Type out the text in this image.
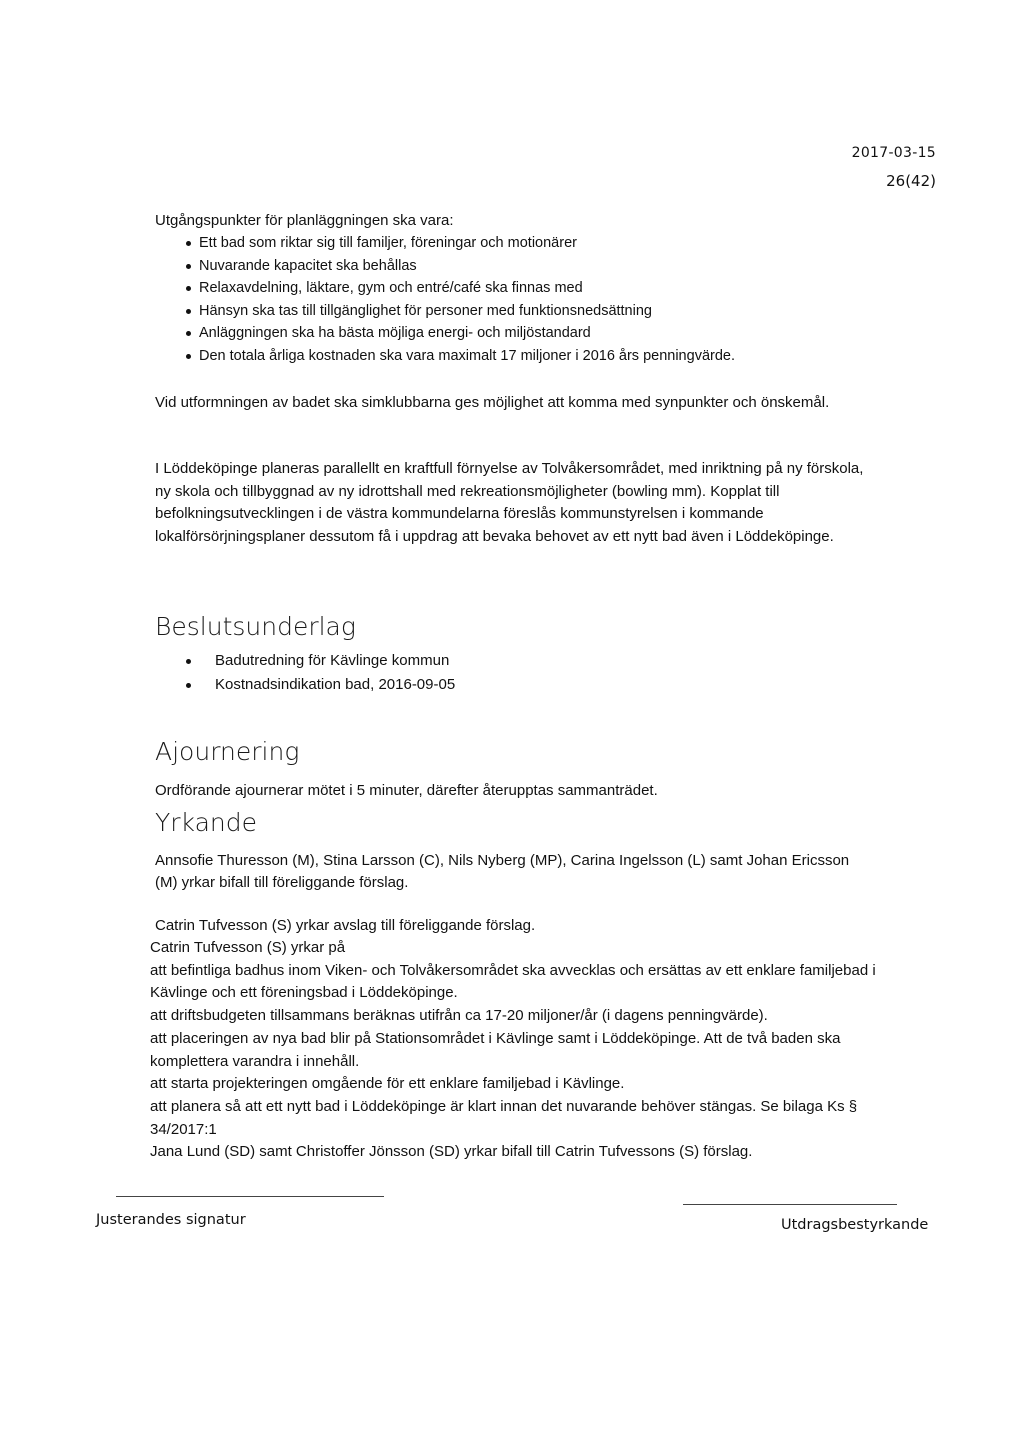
2017-03-15
26(42)

Utgångspunkter för planläggningen ska vara:

Ett bad som riktar sig till familjer, föreningar och motionärer
Nuvarande kapacitet ska behållas
Relaxavdelning, läktare, gym och entré/café ska finnas med
Hänsyn ska tas till tillgänglighet för personer med funktionsnedsättning
Anläggningen ska ha bästa möjliga energi- och miljöstandard
Den totala årliga kostnaden ska vara maximalt 17 miljoner i 2016 års penningvärde.

Vid utformningen av badet ska simklubbarna ges möjlighet att komma med synpunkter och önskemål.

I Löddeköpinge planeras parallellt en kraftfull förnyelse av Tolvåkersområdet, med inriktning på ny förskola, ny skola och tillbyggnad av ny idrottshall med rekreationsmöjligheter (bowling mm). Kopplat till befolkningsutvecklingen i de västra kommundelarna föreslås kommunstyrelsen i kommande lokalförsörjningsplaner dessutom få i uppdrag att bevaka behovet av ett nytt bad även i Löddeköpinge.

Beslutsunderlag
Badutredning för Kävlinge kommun
Kostnadsindikation bad, 2016-09-05
Ajournering

Ordförande ajournerar mötet i 5 minuter, därefter återupptas sammanträdet.

Yrkande

Annsofie Thuresson (M), Stina Larsson (C), Nils Nyberg (MP), Carina Ingelsson (L) samt Johan Ericsson (M) yrkar bifall till föreliggande förslag.

Catrin Tufvesson (S) yrkar avslag till föreliggande förslag.

Catrin Tufvesson (S) yrkar på

att befintliga badhus inom Viken- och Tolvåkersområdet ska avvecklas och ersättas av ett enklare familjebad i Kävlinge och ett föreningsbad i Löddeköpinge.

att driftsbudgeten tillsammans beräknas utifrån ca 17-20 miljoner/år (i dagens penningvärde).

att placeringen av nya bad blir på Stationsområdet i Kävlinge samt i Löddeköpinge. Att de två baden ska komplettera varandra i innehåll.

att starta projekteringen omgående för ett enklare familjebad i Kävlinge.

att planera så att ett nytt bad i Löddeköpinge är klart innan det nuvarande behöver stängas. Se bilaga Ks § 34/2017:1

Jana Lund (SD) samt Christoffer Jönsson (SD) yrkar bifall till Catrin Tufvessons (S) förslag.

Justerandes signatur	Utdragsbestyrkande
